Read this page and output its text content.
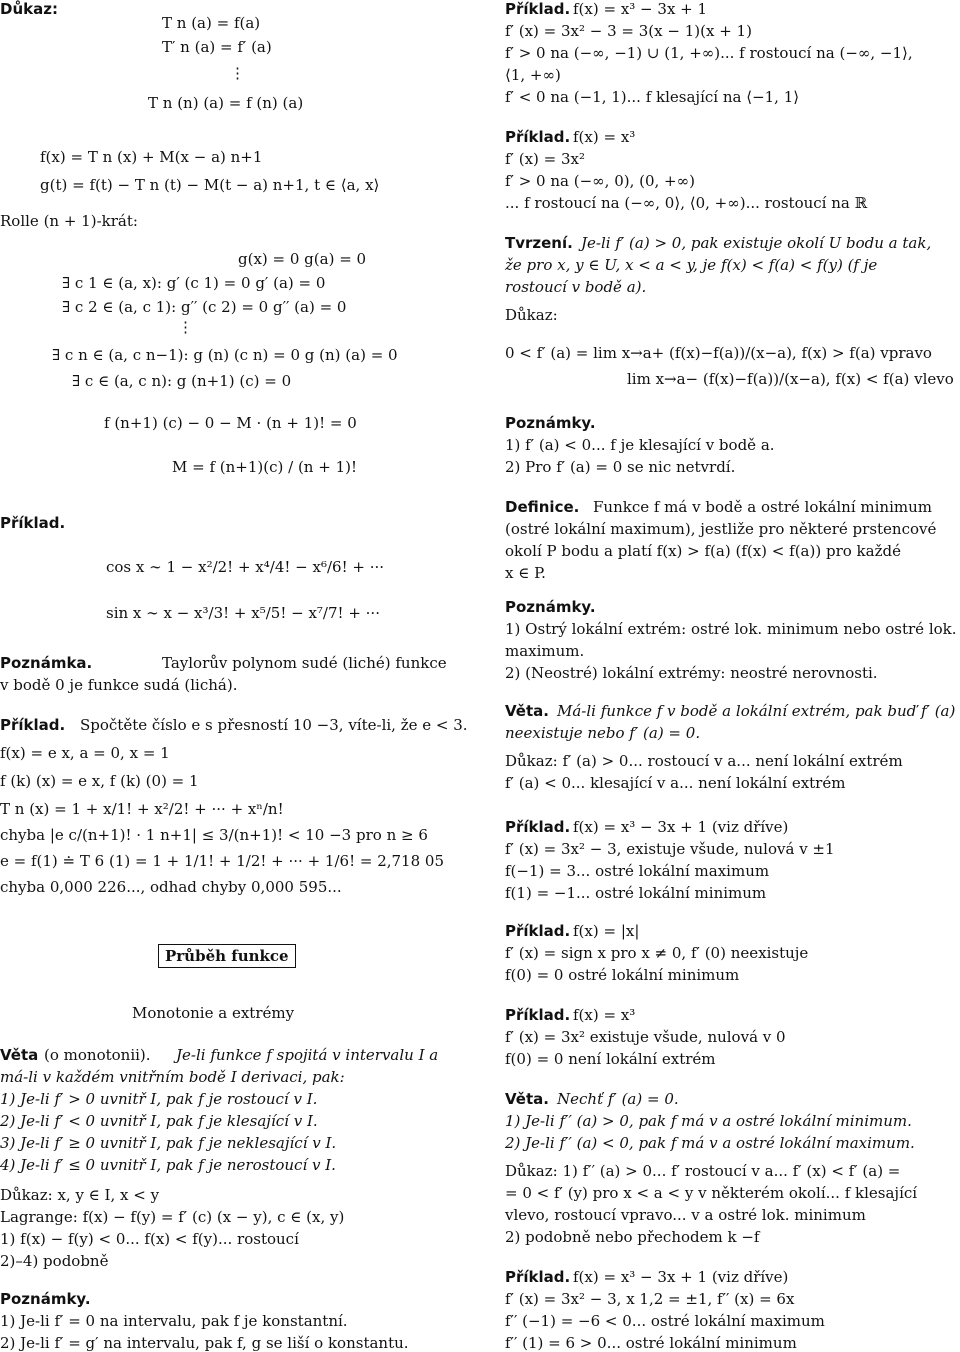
Důkaz:
T n (a) = f(a)
T′ n (a) = f′ (a)
⋮
T n (n) (a) = f (n) (a)
f(x) = T n (x) + M(x − a) n+1
g(t) = f(t) − T n (t) − M(t − a) n+1, t ∈ ⟨a, x⟩
Rolle (n + 1)-krát:
g(x) = 0 g(a) = 0
∃ c 1 ∈ (a, x): g′ (c 1) = 0 g′ (a) = 0
∃ c 2 ∈ (a, c 1): g′′ (c 2) = 0 g′′ (a) = 0
⋮
∃ c n ∈ (a, c n−1): g (n) (c n) = 0 g (n) (a) = 0
∃ c ∈ (a, c n): g (n+1) (c) = 0
f (n+1) (c) − 0 − M · (n + 1)! = 0
M = f (n+1)(c) / (n + 1)!
Příklad.
cos x ∼ 1 − x²/2! + x⁴/4! − x⁶/6! + ···
sin x ∼ x − x³/3! + x⁵/5! − x⁷/7! + ···
Poznámka.	Taylorův polynom sudé (liché) funkce
v bodě 0 je funkce sudá (lichá).
Příklad. Spočtěte číslo e s přesností 10 −3, víte-li, že e < 3.
f(x) = e x, a = 0, x = 1
f (k) (x) = e x, f (k) (0) = 1
T n (x) = 1 + x/1! + x²/2! + ··· + xⁿ/n!
chyba |e c/(n+1)! · 1 n+1| ≤ 3/(n+1)! < 10 −3 pro n ≥ 6
e = f(1) ≐ T 6 (1) = 1 + 1/1! + 1/2! + ··· + 1/6! = 2,718 05
chyba 0,000 226..., odhad chyby 0,000 595...
Monotonie a extrémy
Věta (o monotonii). Je-li funkce f spojitá v intervalu I a
má-li v každém vnitřním bodě I derivaci, pak:
1) Je-li f′ > 0 uvnitř I, pak f je rostoucí v I.
2) Je-li f′ < 0 uvnitř I, pak f je klesající v I.
3) Je-li f′ ≥ 0 uvnitř I, pak f je neklesající v I.
4) Je-li f′ ≤ 0 uvnitř I, pak f je nerostoucí v I.
Důkaz: x, y ∈ I, x < y
Lagrange: f(x) − f(y) = f′ (c) (x − y), c ∈ (x, y)
1) f(x) − f(y) < 0... f(x) < f(y)... rostoucí
2)–4) podobně
Poznámky.
1) Je-li f′ = 0 na intervalu, pak f je konstantní.
2) Je-li f′ = g′ na intervalu, pak f, g se liší o konstantu.
Příklad. f(x) = x³ − 3x + 1
f′ (x) = 3x² − 3 = 3(x − 1)(x + 1)
f′ > 0 na (−∞, −1) ∪ (1, +∞)... f rostoucí na (−∞, −1⟩,
⟨1, +∞)
f′ < 0 na (−1, 1)... f klesající na ⟨−1, 1⟩
Příklad. f(x) = x³
f′ (x) = 3x²
f′ > 0 na (−∞, 0), (0, +∞)
... f rostoucí na (−∞, 0⟩, ⟨0, +∞)... rostoucí na ℝ
Tvrzení. Je-li f′ (a) > 0, pak existuje okolí U bodu a tak,
že pro x, y ∈ U, x < a < y, je f(x) < f(a) < f(y) (f je
rostoucí v bodě a).
Důkaz:
0 < f′ (a) = lim x→a+ (f(x)−f(a))/(x−a), f(x) > f(a) vpravo
lim x→a− (f(x)−f(a))/(x−a), f(x) < f(a) vlevo
Poznámky.
1) f′ (a) < 0... f je klesající v bodě a.
2) Pro f′ (a) = 0 se nic netvrdí.
Definice. Funkce f má v bodě a ostré lokální minimum
(ostré lokální maximum), jestliže pro některé prstencové
okolí P bodu a platí f(x) > f(a) (f(x) < f(a)) pro každé
x ∈ P.
Poznámky.
1) Ostrý lokální extrém: ostré lok. minimum nebo ostré lok.
maximum.
2) (Neostré) lokální extrémy: neostré nerovnosti.
Věta. Má-li funkce f v bodě a lokální extrém, pak buď f′ (a)
neexistuje nebo f′ (a) = 0.
Důkaz: f′ (a) > 0... rostoucí v a... není lokální extrém
f′ (a) < 0... klesající v a... není lokální extrém
Příklad. f(x) = x³ − 3x + 1 (viz dříve)
f′ (x) = 3x² − 3, existuje všude, nulová v ±1
f(−1) = 3... ostré lokální maximum
f(1) = −1... ostré lokální minimum
Příklad. f(x) = |x|
f′ (x) = sign x pro x ≠ 0, f′ (0) neexistuje
f(0) = 0 ostré lokální minimum
Příklad. f(x) = x³
f′ (x) = 3x² existuje všude, nulová v 0
f(0) = 0 není lokální extrém
Věta. Nechť f′ (a) = 0.
1) Je-li f′′ (a) > 0, pak f má v a ostré lokální minimum.
2) Je-li f′′ (a) < 0, pak f má v a ostré lokální maximum.
Důkaz: 1) f′′ (a) > 0... f′ rostoucí v a... f′ (x) < f′ (a) =
= 0 < f′ (y) pro x < a < y v některém okolí... f klesající
vlevo, rostoucí vpravo... v a ostré lok. minimum
2) podobně nebo přechodem k −f
Příklad. f(x) = x³ − 3x + 1 (viz dříve)
f′ (x) = 3x² − 3, x 1,2 = ±1, f′′ (x) = 6x
f′′ (−1) = −6 < 0... ostré lokální maximum
f′′ (1) = 6 > 0... ostré lokální minimum
Průběh funkce
